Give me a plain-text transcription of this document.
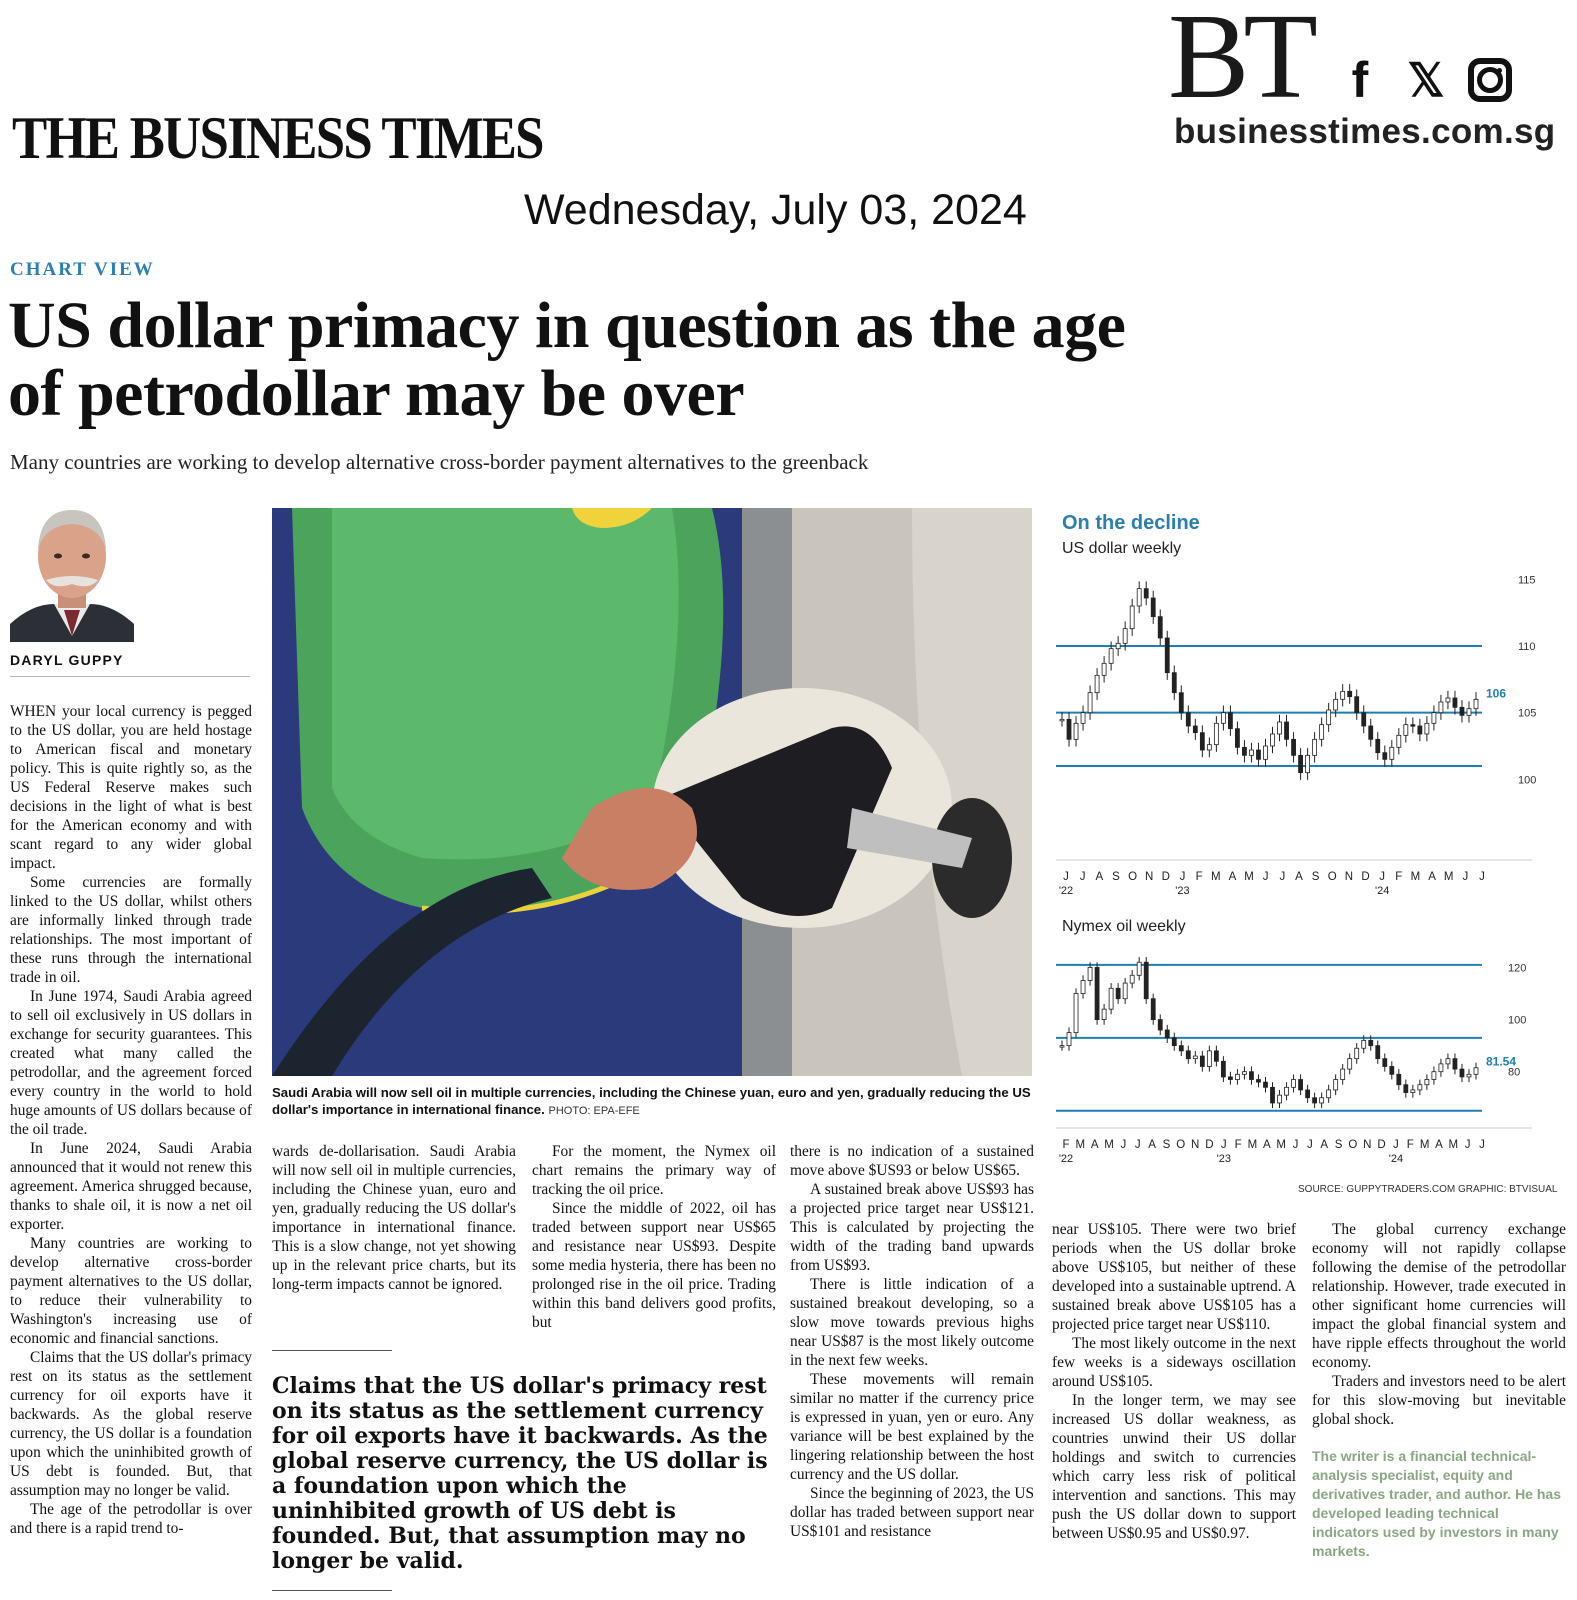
THE BUSINESS TIMES
BT f 𝕏
businesstimes.com.sg
Wednesday, July 03, 2024
CHART VIEW
US dollar primacy in question as the age of petrodollar may be over
Many countries are working to develop alternative cross-border payment alternatives to the greenback
DARYL GUPPY
Saudi Arabia will now sell oil in multiple currencies, including the Chinese yuan, euro and yen, gradually reducing the US dollar's importance in international finance. PHOTO: EPA-EFE
On the decline
US dollar weekly
100
105
110
115
106
J J A S O N D J F M A M J J A S O N D J F M A M J J
'22	'23	'24
Nymex oil weekly
80
100
120
81.54
F M A M J J A S O N D J F M A M J J A S O N D J F M A M J J
'22	'23	'24
SOURCE: GUPPYTRADERS.COM GRAPHIC: BTVISUAL

WHEN your local currency is pegged to the US dollar, you are held hostage to American fiscal and monetary policy. This is quite rightly so, as the US Federal Reserve makes such decisions in the light of what is best for the American economy and with scant regard to any wider global impact.

Some currencies are formally linked to the US dollar, whilst others are informally linked through trade relationships. The most important of these runs through the international trade in oil.

In June 1974, Saudi Arabia agreed to sell oil exclusively in US dollars in exchange for security guarantees. This created what many called the petrodollar, and the agreement forced every country in the world to hold huge amounts of US dollars because of the oil trade.

In June 2024, Saudi Arabia announced that it would not renew this agreement. America shrugged because, thanks to shale oil, it is now a net oil exporter.

Many countries are working to develop alternative cross-border payment alternatives to the US dollar, to reduce their vulnerability to Washington's increasing use of economic and financial sanctions.

Claims that the US dollar's primacy rest on its status as the settlement currency for oil exports have it backwards. As the global reserve currency, the US dollar is a foundation upon which the uninhibited growth of US debt is founded. But, that assumption may no longer be valid.

The age of the petrodollar is over and there is a rapid trend to-

wards de-dollarisation. Saudi Arabia will now sell oil in multiple currencies, including the Chinese yuan, euro and yen, gradually reducing the US dollar's importance in international finance. This is a slow change, not yet showing up in the relevant price charts, but its long-term impacts cannot be ignored.

For the moment, the Nymex oil chart remains the primary way of tracking the oil price.

Since the middle of 2022, oil has traded between support near US$65 and resistance near US$93. Despite some media hysteria, there has been no prolonged rise in the oil price. Trading within this band delivers good profits, but

there is no indication of a sustained move above $US93 or below US$65.

A sustained break above US$93 has a projected price target near US$121. This is calculated by projecting the width of the trading band upwards from US$93.

There is little indication of a sustained breakout developing, so a slow move towards previous highs near US$87 is the most likely outcome in the next few weeks.

These movements will remain similar no matter if the currency price is expressed in yuan, yen or euro. Any variance will be best explained by the lingering relationship between the host currency and the US dollar.

Since the beginning of 2023, the US dollar has traded between support near US$101 and resistance

near US$105. There were two brief periods when the US dollar broke above US$105, but neither of these developed into a sustainable uptrend. A sustained break above US$105 has a projected price target near US$110.

The most likely outcome in the next few weeks is a sideways oscillation around US$105.

In the longer term, we may see increased US dollar weakness, as countries unwind their US dollar holdings and switch to currencies which carry less risk of political intervention and sanctions. This may push the US dollar down to support between US$0.95 and US$0.97.

The global currency exchange economy will not rapidly collapse following the demise of the petrodollar relationship. However, trade executed in other significant home currencies will impact the global financial system and have ripple effects throughout the world economy.

Traders and investors need to be alert for this slow-moving but inevitable global shock.

The writer is a financial technical-analysis specialist, equity and derivatives trader, and author. He has developed leading technical indicators used by investors in many markets.

Claims that the US dollar's primacy rest on its status as the settlement currency for oil exports have it backwards. As the global reserve currency, the US dollar is a foundation upon which the uninhibited growth of US debt is founded. But, that assumption may no longer be valid.
